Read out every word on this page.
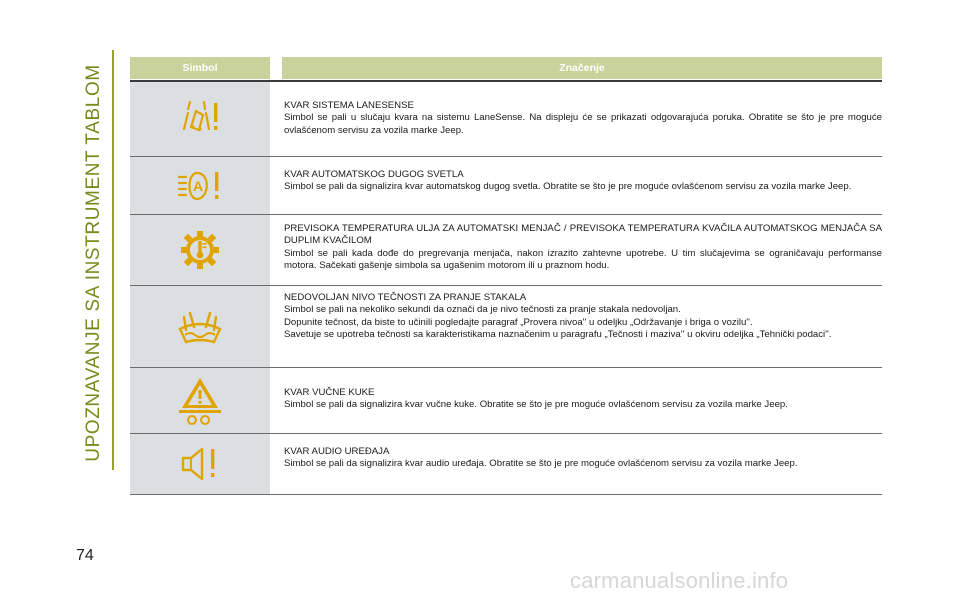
UPOZNAVANJE SA INSTRUMENT TABLOM	Simbol	Značenje
KVAR SISTEMA LANESENSE
Simbol se pali u slučaju kvara na sistemu LaneSense. Na displeju će se prikazati odgovarajuća poruka. Obratite se što je pre moguće ovlašćenom servisu za vozila marke Jeep.
A
KVAR AUTOMATSKOG DUGOG SVETLA
Simbol se pali da signalizira kvar automatskog dugog svetla. Obratite se što je pre moguće ovlašćenom servisu za vozila marke Jeep.
PREVISOKA TEMPERATURA ULJA ZA AUTOMATSKI MENJAČ / PREVISOKA TEMPERATURA KVAČILA AUTOMATSKOG MENJAČA SA DUPLIM KVAČILOM
Simbol se pali kada dođe do pregrevanja menjača, nakon izrazito zahtevne upotrebe. U tim slučajevima se ograničavaju performanse motora. Sačekati gašenje simbola sa ugašenim motorom ili u praznom hodu.
NEDOVOLJAN NIVO TEČNOSTI ZA PRANJE STAKALA
Simbol se pali na nekoliko sekundi da označi da je nivo tečnosti za pranje stakala nedovoljan.
Dopunite tečnost, da biste to učinili pogledajte paragraf „Provera nivoa'' u odeljku „Održavanje i briga o vozilu''.
Savetuje se upotreba tečnosti sa karakteristikama naznačenim u paragrafu „Tečnosti i maziva'' u okviru odeljka „Tehnički podaci''.
KVAR VUČNE KUKE
Simbol se pali da signalizira kvar vučne kuke. Obratite se što je pre moguće ovlašćenom servisu za vozila marke Jeep.
KVAR AUDIO UREĐAJA
Simbol se pali da signalizira kvar audio uređaja. Obratite se što je pre moguće ovlašćenom servisu za vozila marke Jeep.
74
carmanualsonline.info
